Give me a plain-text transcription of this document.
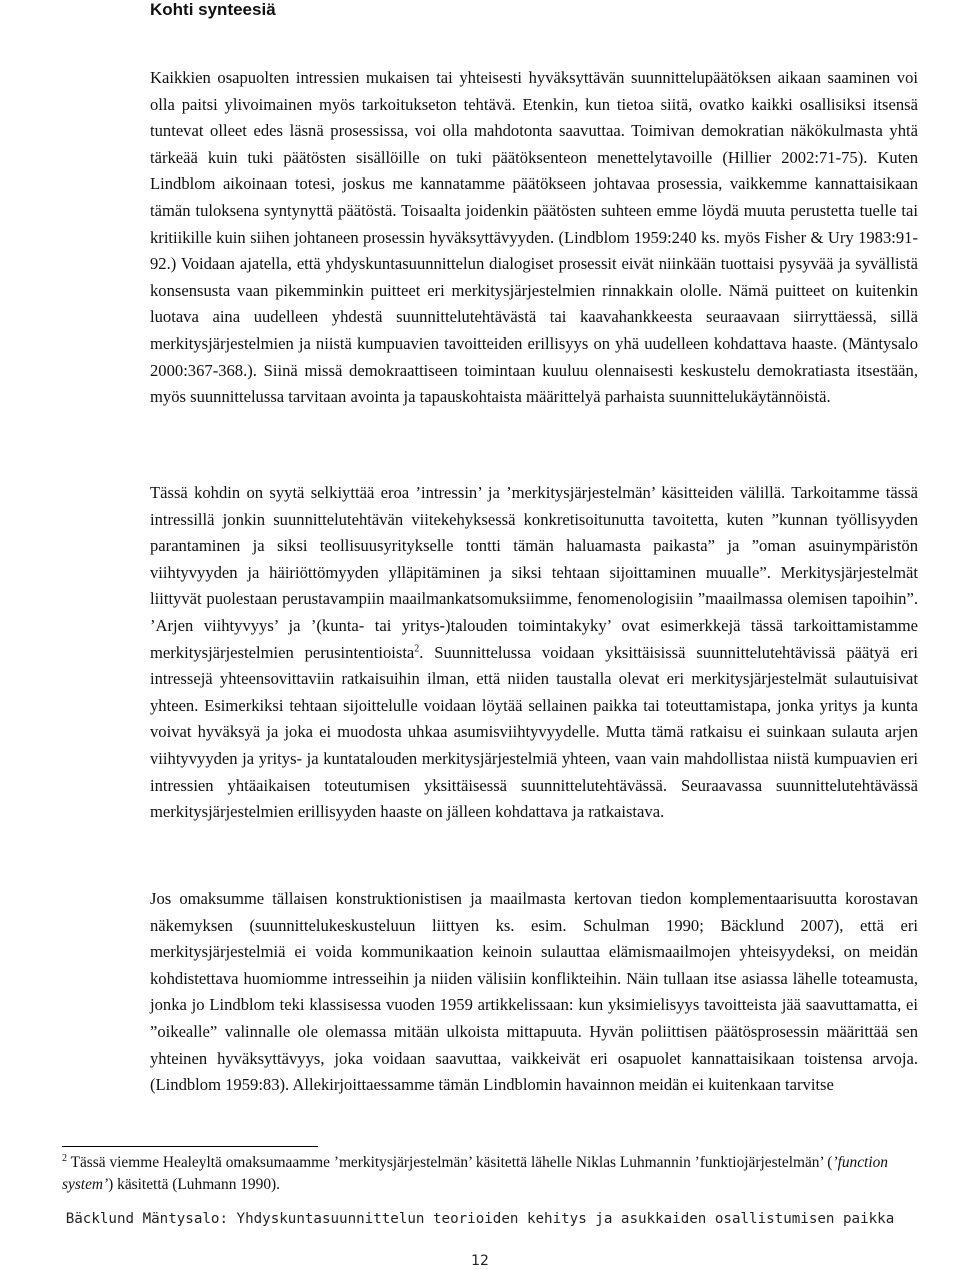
Kohti synteesiä

Kaikkien osapuolten intressien mukaisen tai yhteisesti hyväksyttävän suunnittelupäätöksen aikaan saaminen voi olla paitsi ylivoimainen myös tarkoitukseton tehtävä. Etenkin, kun tietoa siitä, ovatko kaikki osallisiksi itsensä tuntevat olleet edes läsnä prosessissa, voi olla mahdotonta saavuttaa. Toimivan demokratian näkökulmasta yhtä tärkeää kuin tuki päätösten sisällöille on tuki päätöksenteon menettelytavoille (Hillier 2002:71-75). Kuten Lindblom aikoinaan totesi, joskus me kannatamme päätökseen johtavaa prosessia, vaikkemme kannattaisikaan tämän tuloksena syntynyttä päätöstä. Toisaalta joidenkin päätösten suhteen emme löydä muuta perustetta tuelle tai kritiikille kuin siihen johtaneen prosessin hyväksyttävyyden. (Lindblom 1959:240 ks. myös Fisher & Ury 1983:91-92.) Voidaan ajatella, että yhdyskuntasuunnittelun dialogiset prosessit eivät niinkään tuottaisi pysyvää ja syvällistä konsensusta vaan pikemminkin puitteet eri merkitysjärjestelmien rinnakkain ololle. Nämä puitteet on kuitenkin luotava aina uudelleen yhdestä suunnittelutehtävästä tai kaavahankkeesta seuraavaan siirryttäessä, sillä merkitysjärjestelmien ja niistä kumpuavien tavoitteiden erillisyys on yhä uudelleen kohdattava haaste. (Mäntysalo 2000:367-368.). Siinä missä demokraattiseen toimintaan kuuluu olennaisesti keskustelu demokratiasta itsestään, myös suunnittelussa tarvitaan avointa ja tapauskohtaista määrittelyä parhaista suunnittelukäytännöistä.

Tässä kohdin on syytä selkiyttää eroa ’intressin’ ja ’merkitysjärjestelmän’ käsitteiden välillä. Tarkoitamme tässä intressillä jonkin suunnittelutehtävän viitekehyksessä konkretisoitunutta tavoitetta, kuten ”kunnan työllisyyden parantaminen ja siksi teollisuusyritykselle tontti tämän haluamasta paikasta” ja ”oman asuinympäristön viihtyvyyden ja häiriöttömyyden ylläpitäminen ja siksi tehtaan sijoittaminen muualle”. Merkitysjärjestelmät liittyvät puolestaan perustavampiin maailmankatsomuksiimme, fenomenologisiin ”maailmassa olemisen tapoihin”. ’Arjen viihtyvyys’ ja ’(kunta- tai yritys-)talouden toimintakyky’ ovat esimerkkejä tässä tarkoittamistamme merkitysjärjestelmien perusintentioista$^2$. Suunnittelussa voidaan yksittäisissä suunnittelutehtävissä päätyä eri intressejä yhteensovittaviin ratkaisuihin ilman, että niiden taustalla olevat eri merkitysjärjestelmät sulautuisivat yhteen. Esimerkiksi tehtaan sijoittelulle voidaan löytää sellainen paikka tai toteuttamistapa, jonka yritys ja kunta voivat hyväksyä ja joka ei muodosta uhkaa asumisviihtyvyydelle. Mutta tämä ratkaisu ei suinkaan sulauta arjen viihtyvyyden ja yritys- ja kuntatalouden merkitysjärjestelmiä yhteen, vaan vain mahdollistaa niistä kumpuavien eri intressien yhtäaikaisen toteutumisen yksittäisessä suunnittelutehtävässä. Seuraavassa suunnittelutehtävässä merkitysjärjestelmien erillisyyden haaste on jälleen kohdattava ja ratkaistava.

Jos omaksumme tällaisen konstruktionistisen ja maailmasta kertovan tiedon komplementaarisuutta korostavan näkemyksen (suunnittelukeskusteluun liittyen ks. esim. Schulman 1990; Bäcklund 2007), että eri merkitysjärjestelmiä ei voida kommunikaation keinoin sulauttaa elämismaailmojen yhteisyydeksi, on meidän kohdistettava huomiomme intresseihin ja niiden välisiin konflikteihin. Näin tullaan itse asiassa lähelle toteamusta, jonka jo Lindblom teki klassisessa vuoden 1959 artikkelissaan: kun yksimielisyys tavoitteista jää saavuttamatta, ei ”oikealle” valinnalle ole olemassa mitään ulkoista mittapuuta. Hyvän poliittisen päätösprosessin määrittää sen yhteinen hyväksyttävyys, joka voidaan saavuttaa, vaikkeivät eri osapuolet kannattaisikaan toistensa arvoja. (Lindblom 1959:83). Allekirjoittaessamme tämän Lindblomin havainnon meidän ei kuitenkaan tarvitse

$^2$ Tässä viemme Healeyltä omaksumaamme ’merkitysjärjestelmän’ käsitettä lähelle Niklas Luhmannin ’funktiojärjestelmän’ (’function system’) käsitettä (Luhmann 1990).

Bäcklund Mäntysalo: Yhdyskuntasuunnittelun teorioiden kehitys ja asukkaiden osallistumisen paikka
12
